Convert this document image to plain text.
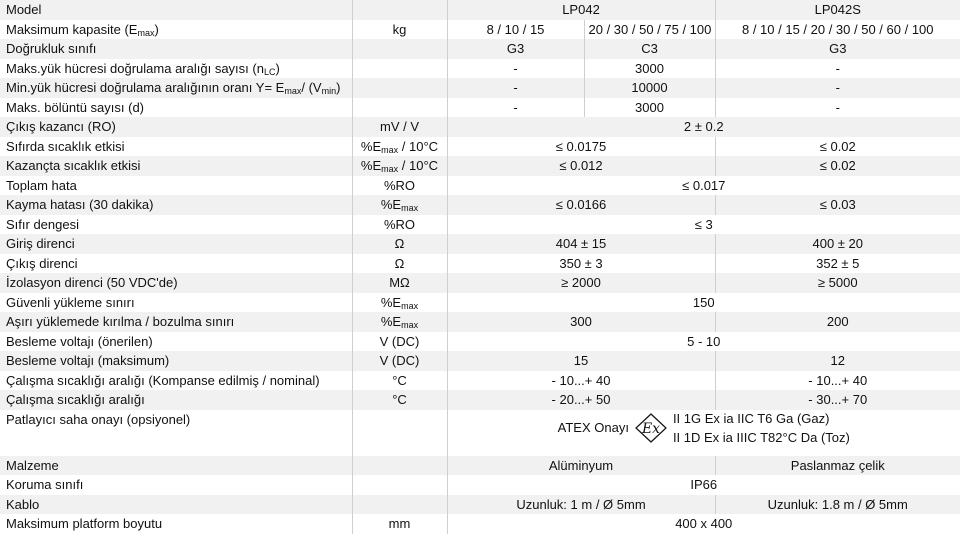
Model		LP042		LP042S
Maksimum kapasite $(E_{max})$	kg	8 / 10 / 15	20 / 30 / 50 / 75 / 100	8 / 10 / 15 / 20 / 30 / 50 / 60 / 100
Doğrukluk sınıfı		G3	C3	G3
Maks.yük hücresi doğrulama aralığı sayısı $(n_{LC})$		-	3000	-
Min.yük hücresi doğrulama aralığının oranı $Y= E_{max}/$ $(V_{min})$		-	10000	-
Maks. bölüntü sayısı (d)		-	3000	-
Çıkış kazancı (RO)	mV / V	2 ± 0.2		
Sıfırda sıcaklık etkisi	$\%E_{max} / 10^\circ C$	≤ 0.0175		≤ 0.02
Kazançta sıcaklık etkisi	$\%E_{max} / 10^\circ C$	≤ 0.012		≤ 0.02
Toplam hata	%RO	≤ 0.017		
Kayma hatası (30 dakika)	$\%E_{max}$	≤ 0.0166		≤ 0.03
Sıfır dengesi	%RO	≤ 3		
Giriş direnci	Ω	404 ± 15		400 ± 20
Çıkış direnci	Ω	350 ± 3		352 ± 5
İzolasyon direnci (50 VDC'de)	MΩ	≥ 2000		≥ 5000
Güvenli yükleme sınırı	$\%E_{max}$	150		
Aşırı yüklemede kırılma / bozulma sınırı	$\%E_{max}$	300		200
Besleme voltajı (önerilen)	V (DC)	5 - 10		
Besleme voltajı (maksimum)	V (DC)	15		12
Çalışma sıcaklığı aralığı (Kompanse edilmiş / nominal)	°C	- 10...+ 40		- 10...+ 40
Çalışma sıcaklığı aralığı	°C	- 20...+ 50		- 30...+ 70
Patlayıcı saha onayı (opsiyonel)		ATEX Onayı Ex
II 1G Ex ia IIC T6 Ga (Gaz)
II 1D Ex ia IIIC T82°C Da (Toz)		

Malzeme		Alüminyum		Paslanmaz çelik
Koruma sınıfı		IP66		
Kablo		Uzunluk: 1 m / Ø 5mm		Uzunluk: 1.8 m / Ø 5mm
Maksimum platform boyutu	mm	400 x 400		
